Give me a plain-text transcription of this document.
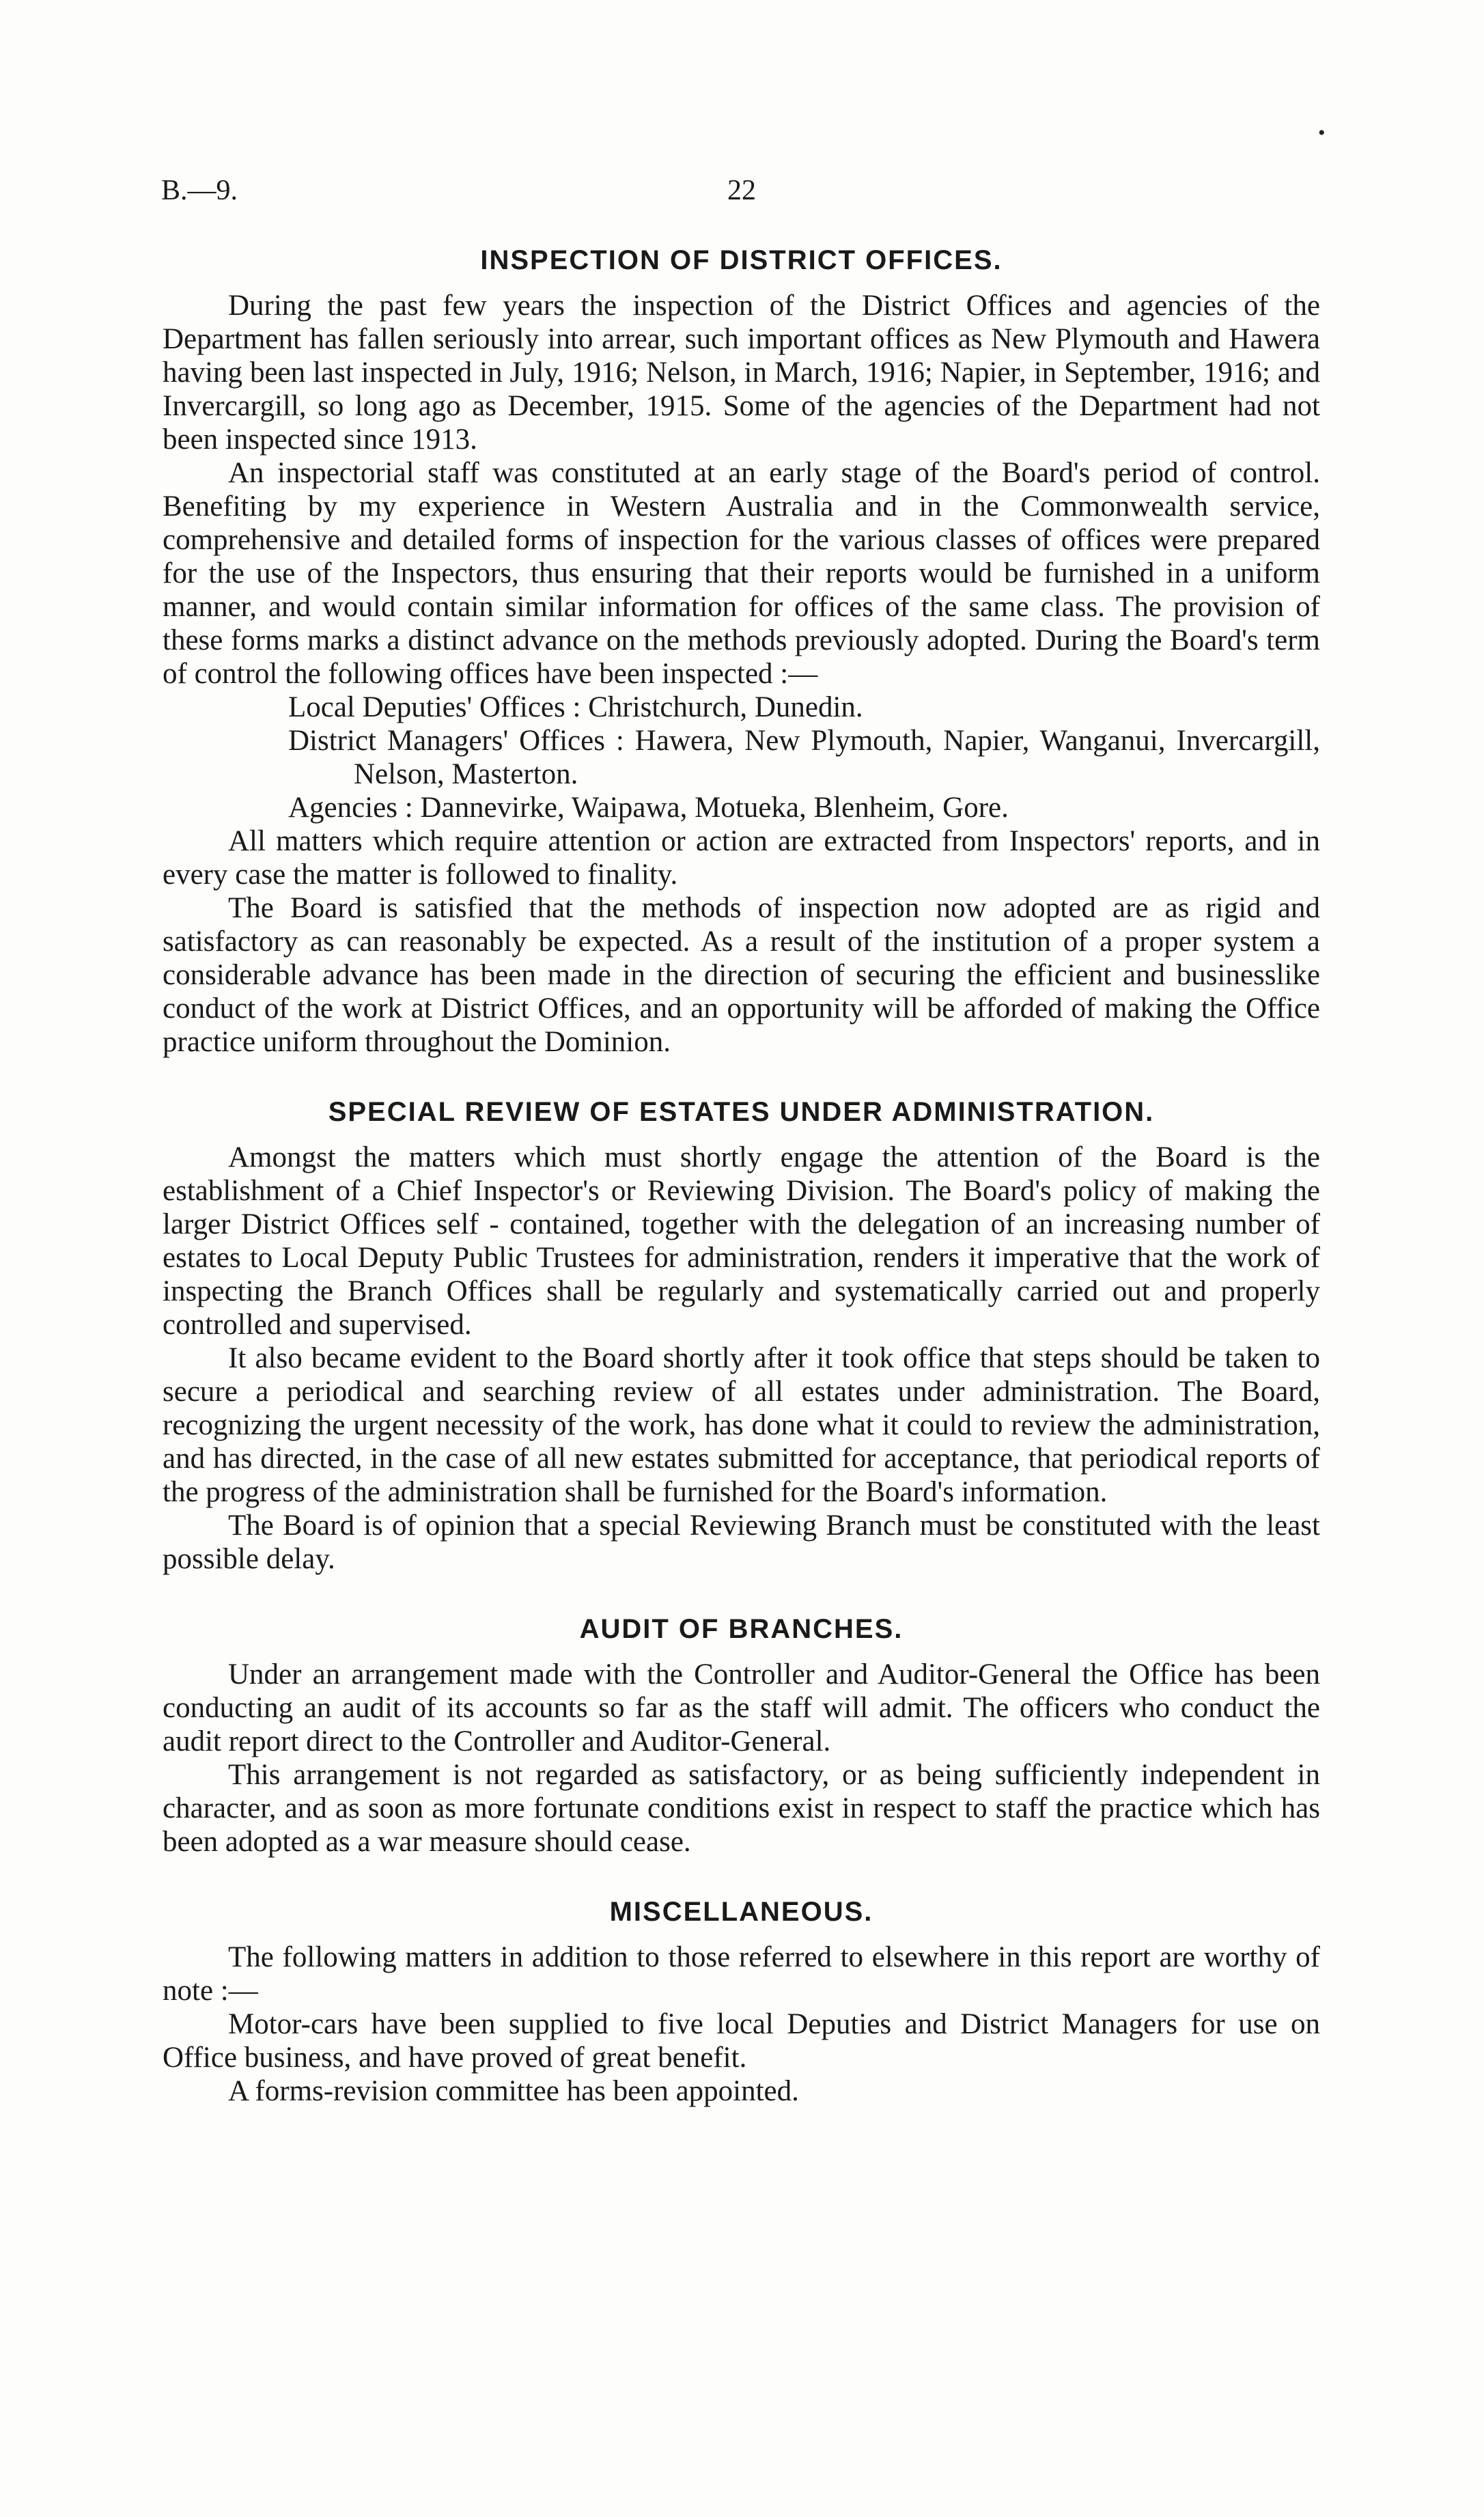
•
B.—9.	22
INSPECTION OF DISTRICT OFFICES.

During the past few years the inspection of the District Offices and agencies of the Department has fallen seriously into arrear, such important offices as New Plymouth and Hawera having been last inspected in July, 1916; Nelson, in March, 1916; Napier, in September, 1916; and Invercargill, so long ago as December, 1915. Some of the agencies of the Department had not been inspected since 1913.

An inspectorial staff was constituted at an early stage of the Board's period of control. Benefiting by my experience in Western Australia and in the Commonwealth service, comprehensive and detailed forms of inspection for the various classes of offices were prepared for the use of the Inspectors, thus ensuring that their reports would be furnished in a uniform manner, and would contain similar information for offices of the same class. The provision of these forms marks a distinct advance on the methods previously adopted. During the Board's term of control the following offices have been inspected :—

Local Deputies' Offices : Christchurch, Dunedin.
District Managers' Offices : Hawera, New Plymouth, Napier, Wanganui, Invercargill, Nelson, Masterton.
Agencies : Dannevirke, Waipawa, Motueka, Blenheim, Gore.

All matters which require attention or action are extracted from Inspectors' reports, and in every case the matter is followed to finality.

The Board is satisfied that the methods of inspection now adopted are as rigid and satisfactory as can reasonably be expected. As a result of the institution of a proper system a considerable advance has been made in the direction of securing the efficient and businesslike conduct of the work at District Offices, and an opportunity will be afforded of making the Office practice uniform throughout the Dominion.

SPECIAL REVIEW OF ESTATES UNDER ADMINISTRATION.

Amongst the matters which must shortly engage the attention of the Board is the establishment of a Chief Inspector's or Reviewing Division. The Board's policy of making the larger District Offices self - contained, together with the delegation of an increasing number of estates to Local Deputy Public Trustees for administration, renders it imperative that the work of inspecting the Branch Offices shall be regularly and systematically carried out and properly controlled and supervised.

It also became evident to the Board shortly after it took office that steps should be taken to secure a periodical and searching review of all estates under administration. The Board, recognizing the urgent necessity of the work, has done what it could to review the administration, and has directed, in the case of all new estates submitted for acceptance, that periodical reports of the progress of the administration shall be furnished for the Board's information.

The Board is of opinion that a special Reviewing Branch must be constituted with the least possible delay.

AUDIT OF BRANCHES.

Under an arrangement made with the Controller and Auditor-General the Office has been conducting an audit of its accounts so far as the staff will admit. The officers who conduct the audit report direct to the Controller and Auditor-General.

This arrangement is not regarded as satisfactory, or as being sufficiently independent in character, and as soon as more fortunate conditions exist in respect to staff the practice which has been adopted as a war measure should cease.

MISCELLANEOUS.

The following matters in addition to those referred to elsewhere in this report are worthy of note :—

Motor-cars have been supplied to five local Deputies and District Managers for use on Office business, and have proved of great benefit.

A forms-revision committee has been appointed.
